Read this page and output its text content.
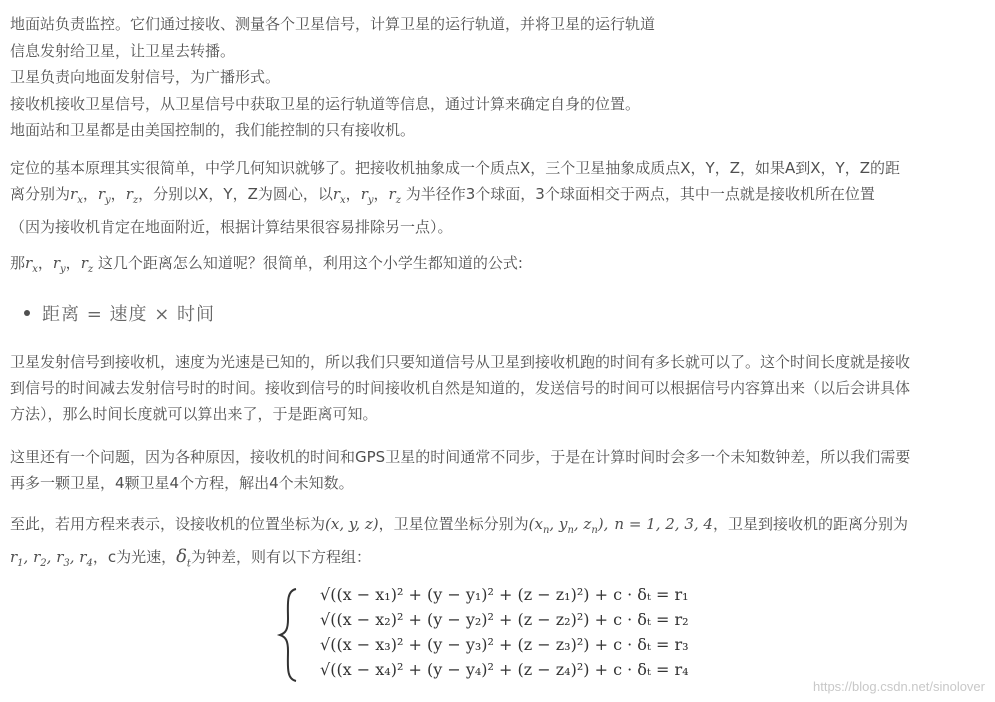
地面站负责监控。它们通过接收、测量各个卫星信号，计算卫星的运行轨道，并将卫星的运行轨道
信息发射给卫星，让卫星去转播。
卫星负责向地面发射信号，为广播形式。
接收机接收卫星信号，从卫星信号中获取卫星的运行轨道等信息，通过计算来确定自身的位置。
地面站和卫星都是由美国控制的，我们能控制的只有接收机。
定位的基本原理其实很简单，中学几何知识就够了。把接收机抽象成一个质点X，三个卫星抽象成质点X，Y，Z，如果A到X，Y，Z的距
离分别为$r_x$，$r_y$，$r_z$，分别以X，Y，Z为圆心，以$r_x$，$r_y$，$r_z$ 为半径作3个球面，3个球面相交于两点，其中一点就是接收机所在位置
（因为接收机肯定在地面附近，根据计算结果很容易排除另一点）。
那$r_x$，$r_y$，$r_z$ 这几个距离怎么知道呢？很简单，利用这个小学生都知道的公式:
距离 = 速度 × 时间
卫星发射信号到接收机，速度为光速是已知的，所以我们只要知道信号从卫星到接收机跑的时间有多长就可以了。这个时间长度就是接收
到信号的时间减去发射信号时的时间。接收到信号的时间接收机自然是知道的，发送信号的时间可以根据信号内容算出来（以后会讲具体
方法），那么时间长度就可以算出来了，于是距离可知。
这里还有一个问题，因为各种原因，接收机的时间和GPS卫星的时间通常不同步，于是在计算时间时会多一个未知数钟差，所以我们需要
再多一颗卫星，4颗卫星4个方程，解出4个未知数。
至此，若用方程来表示，设接收机的位置坐标为(x, y, z)，卫星位置坐标分别为($x_n$, $y_n$, $z_n$), n = 1, 2, 3, 4，卫星到接收机的距离分别为
$r_1$, $r_2$, $r_3$, $r_4$，c为光速，$\delta_t$为钟差，则有以下方程组：
√((x − x₁)² + (y − y₁)² + (z − z₁)²) + c · δₜ = r₁
√((x − x₂)² + (y − y₂)² + (z − z₂)²) + c · δₜ = r₂
√((x − x₃)² + (y − y₃)² + (z − z₃)²) + c · δₜ = r₃
√((x − x₄)² + (y − y₄)² + (z − z₄)²) + c · δₜ = r₄
https://blog.csdn.net/sinolover
